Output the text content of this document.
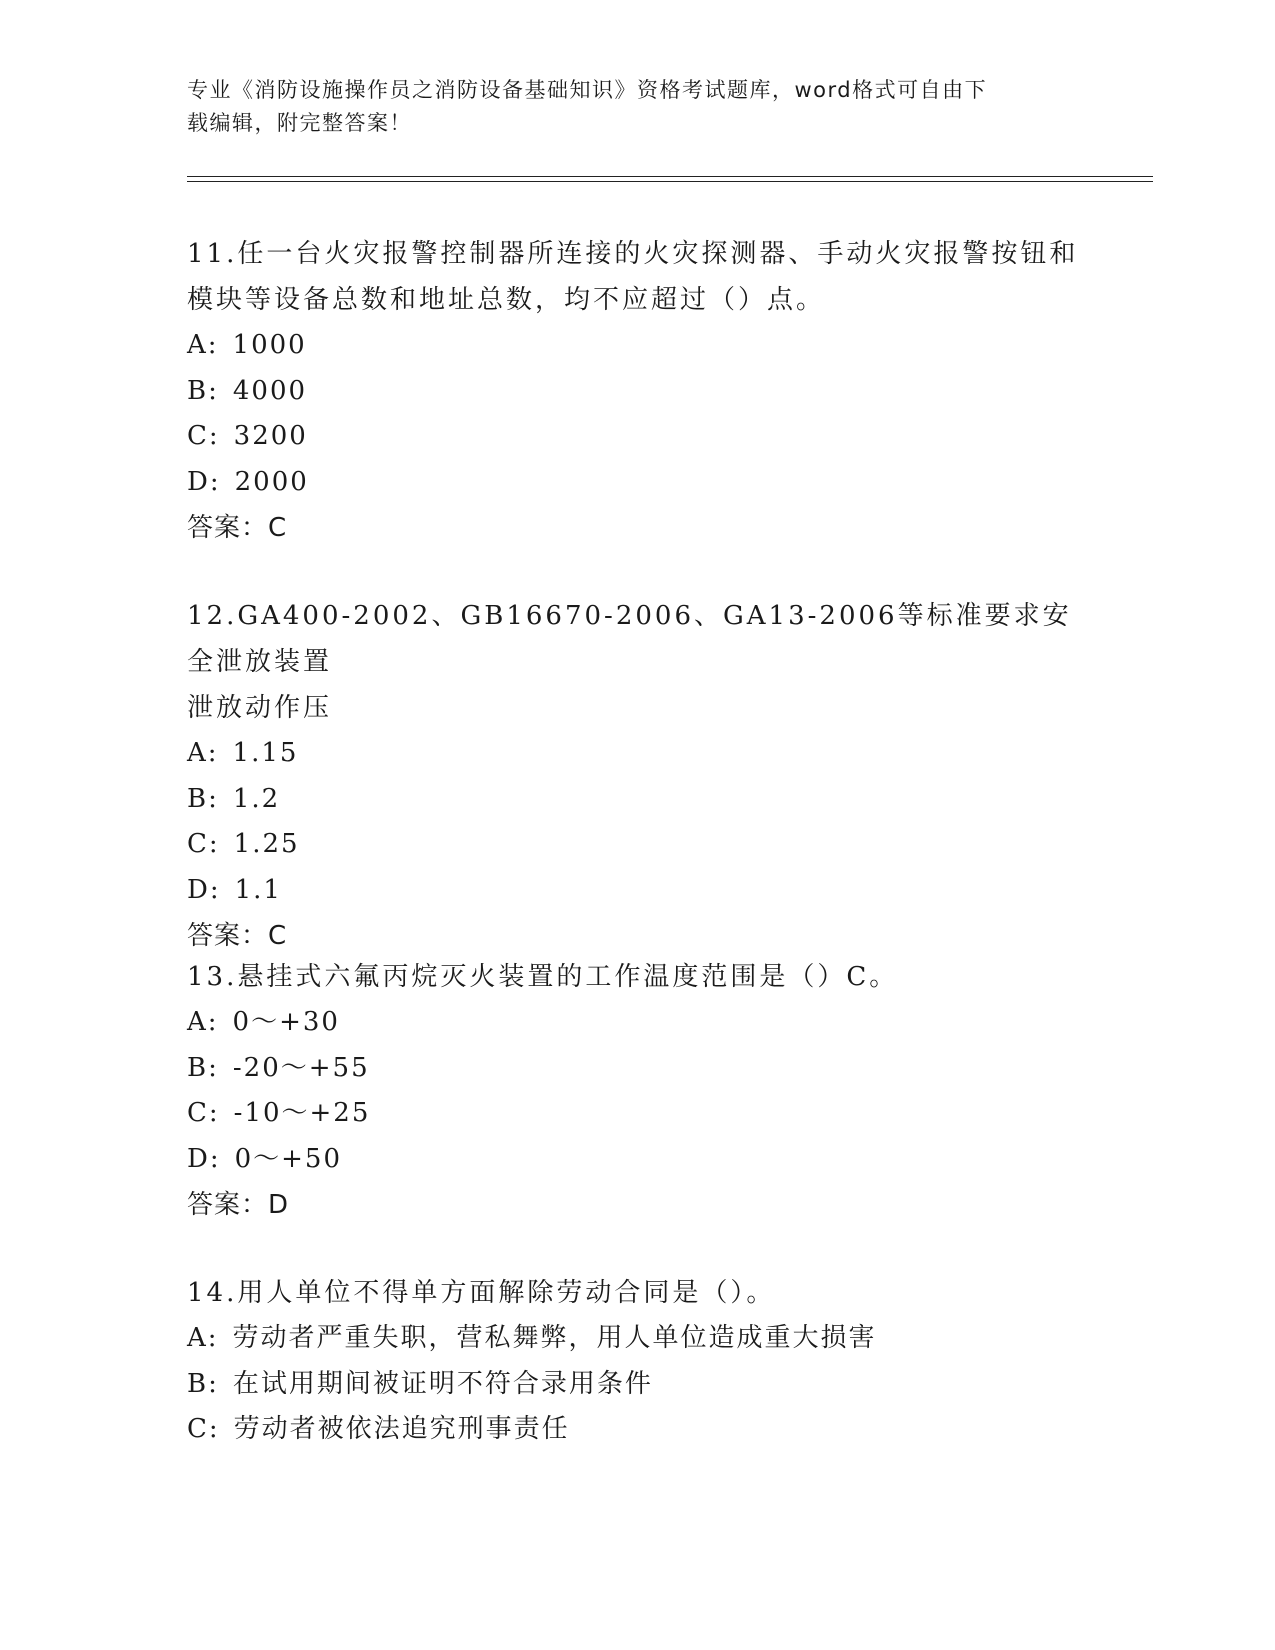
专业《消防设施操作员之消防设备基础知识》资格考试题库，word格式可自由下
载编辑，附完整答案！

11.任一台火灾报警控制器所连接的火灾探测器、手动火灾报警按钮和

模块等设备总数和地址总数，均不应超过（）点。

A: 1000

B: 4000

C: 3200

D: 2000

答案：C

12.GA400-2002、GB16670-2006、GA13-2006等标准要求安全泄放装置

泄放动作压

A: 1.15

B: 1.2

C: 1.25

D: 1.1

答案：C

13.悬挂式六氟丙烷灭火装置的工作温度范围是（）C。

A: 0～+30

B: -20～+55

C: -10～+25

D: 0～+50

答案：D

14.用人单位不得单方面解除劳动合同是（）。

A: 劳动者严重失职，营私舞弊，用人单位造成重大损害

B: 在试用期间被证明不符合录用条件

C: 劳动者被依法追究刑事责任
